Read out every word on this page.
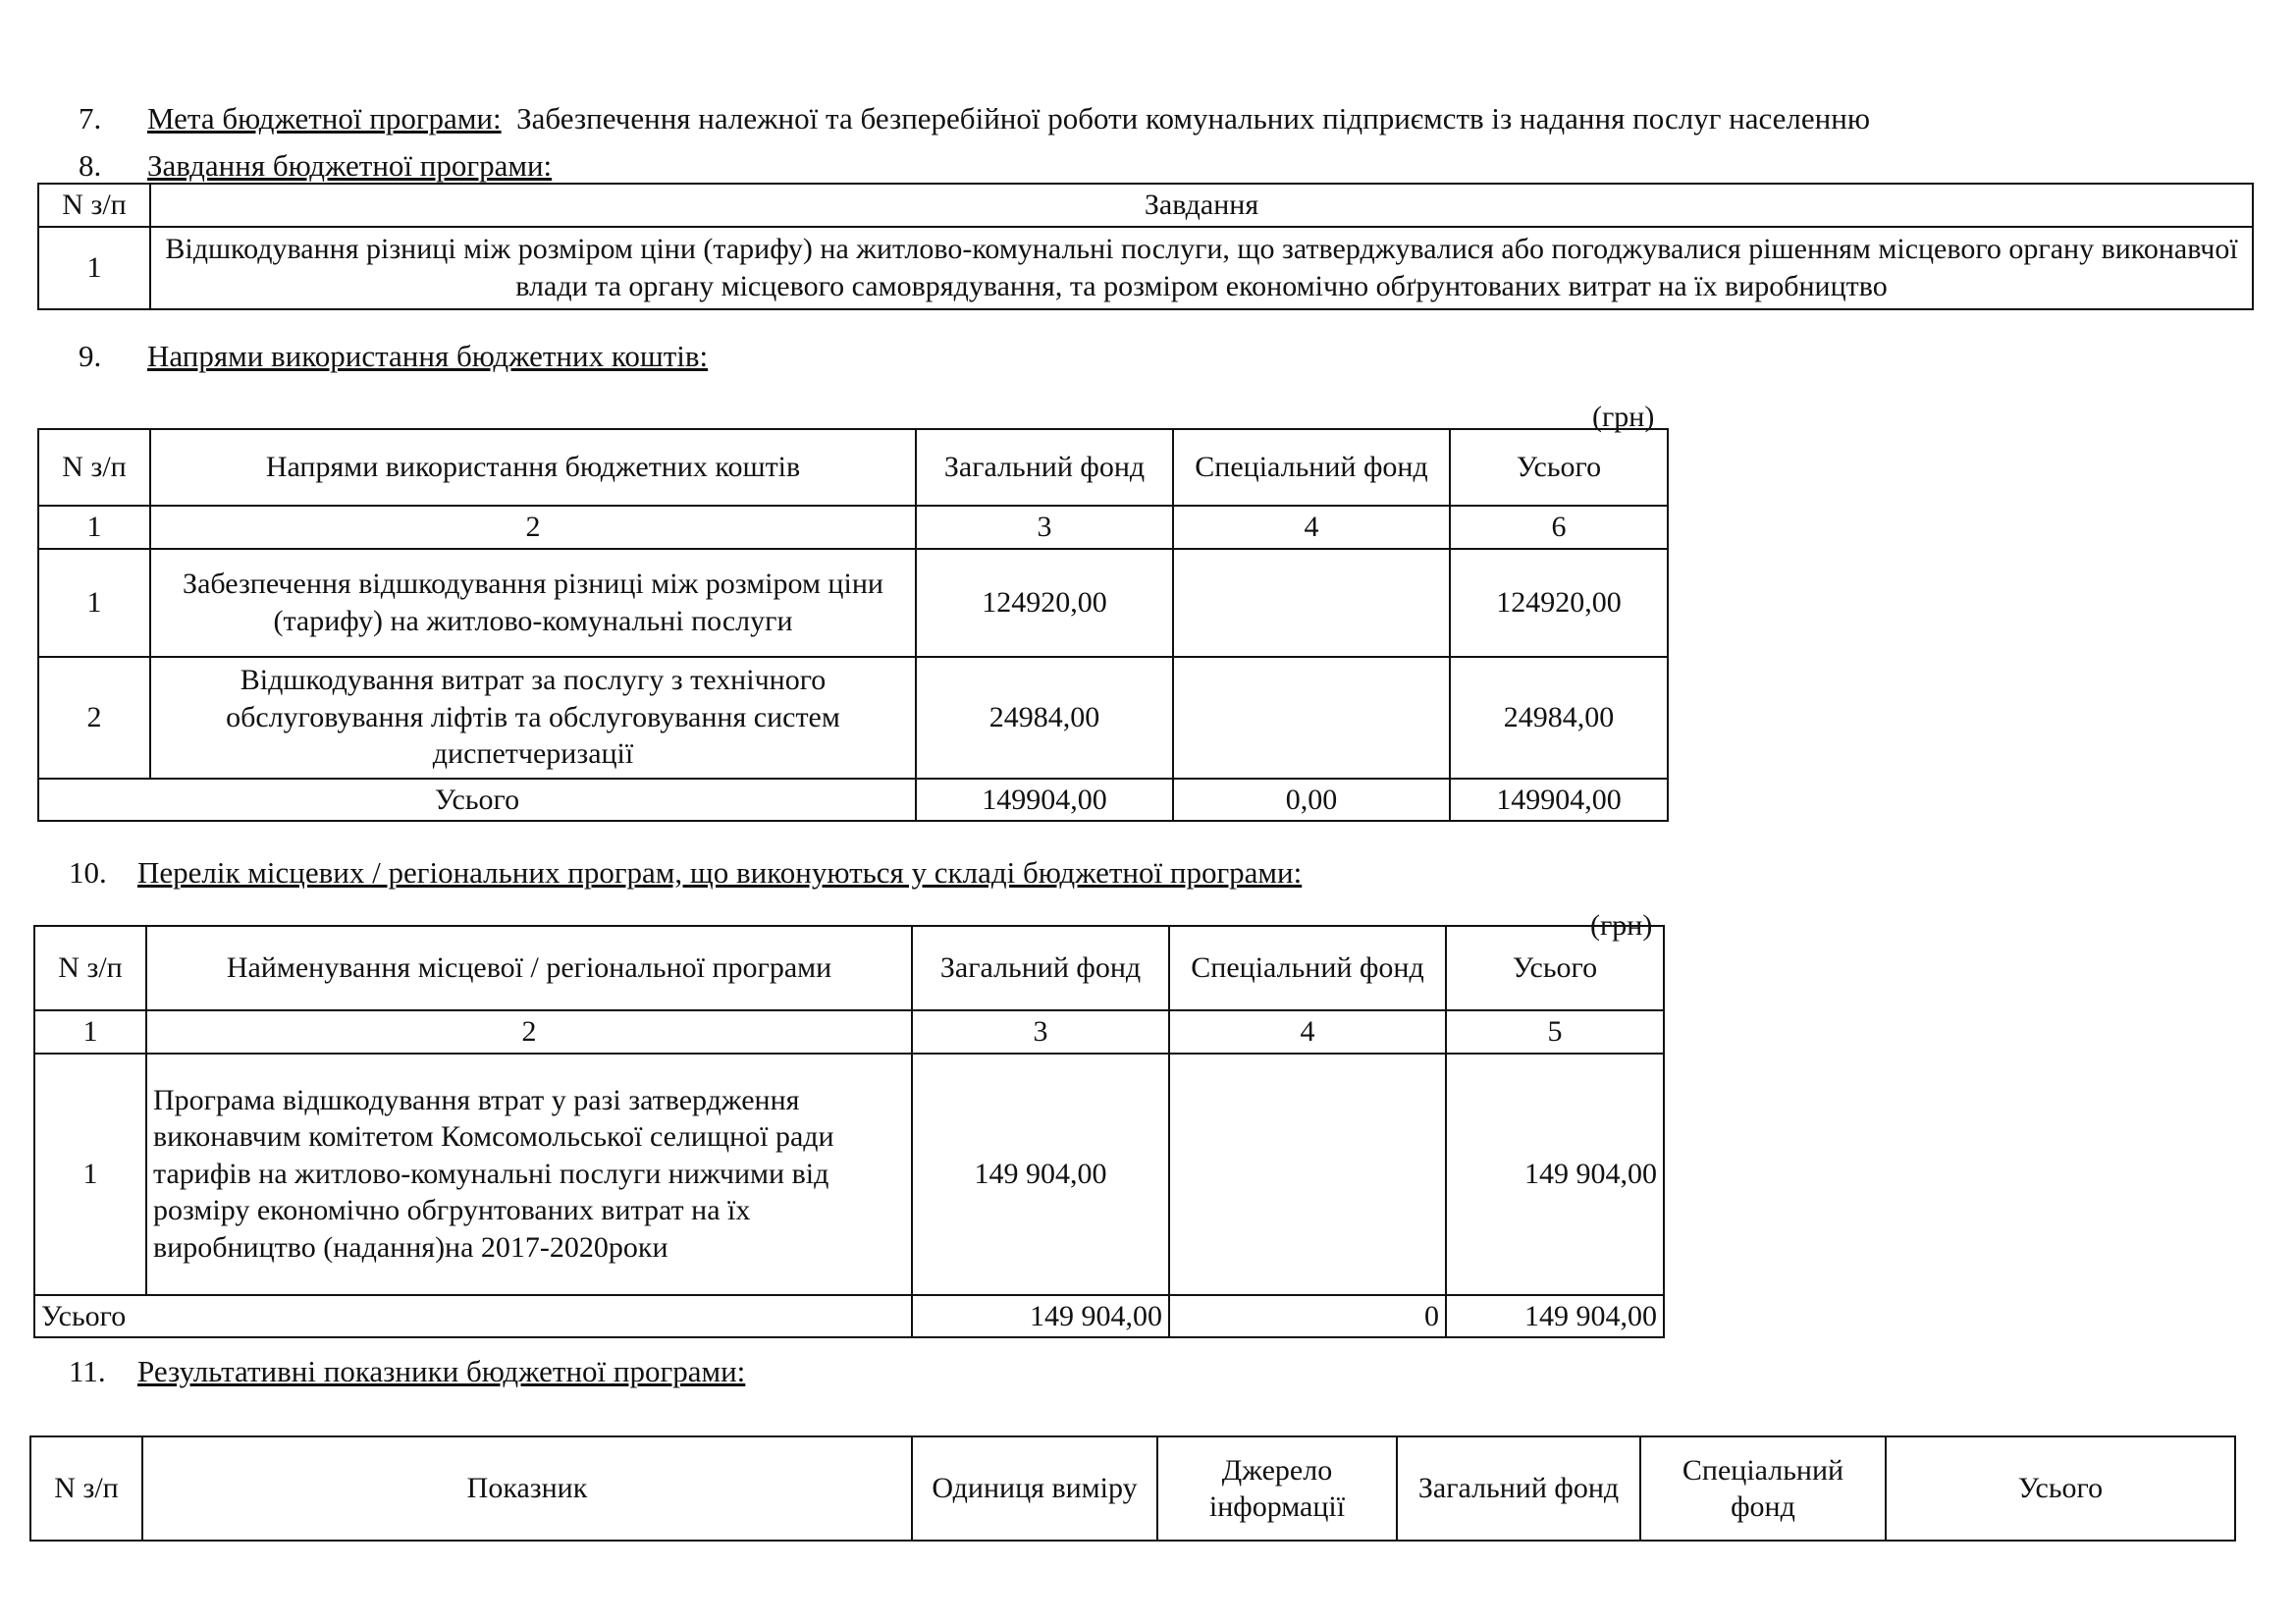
7. Мета бюджетної програми: Забезпечення належної та безперебійної роботи комунальних підприємств із надання послуг населенню
8. Завдання бюджетної програми:
N з/п	Завдання
1	Відшкодування різниці між розміром ціни (тарифу) на житлово-комунальні послуги, що затверджувалися або погоджувалися рішенням місцевого органу виконавчої влади та органу місцевого самоврядування, та розміром економічно обґрунтованих витрат на їх виробництво
9. Напрями використання бюджетних коштів:
(грн)
N з/п	Напрями використання бюджетних коштів	Загальний фонд	Спеціальний фонд	Усього
1	2	3	4	6
1	Забезпечення відшкодування різниці між розміром ціни (тарифу) на житлово-комунальні послуги	124920,00		124920,00
2	Відшкодування витрат за послугу з технічного обслуговування ліфтів та обслуговування систем диспетчеризації	24984,00		24984,00
Усього		149904,00	0,00	149904,00
10. Перелік місцевих / регіональних програм, що виконуються у складі бюджетної програми:
(грн)
N з/п	Найменування місцевої / регіональної програми	Загальний фонд	Спеціальний фонд	Усього
1	2	3	4	5
1	Програма відшкодування втрат у разі затвердження виконавчим комітетом Комсомольської селищної ради тарифів на житлово-комунальні послуги нижчими від розміру економічно обгрунтованих витрат на їх виробництво (надання)на 2017-2020роки	149 904,00		149 904,00
Усього		149 904,00	0	149 904,00
11. Результативні показники бюджетної програми:
N з/п	Показник	Одиниця виміру	Джерело інформації	Загальний фонд	Спеціальний фонд	Усього
